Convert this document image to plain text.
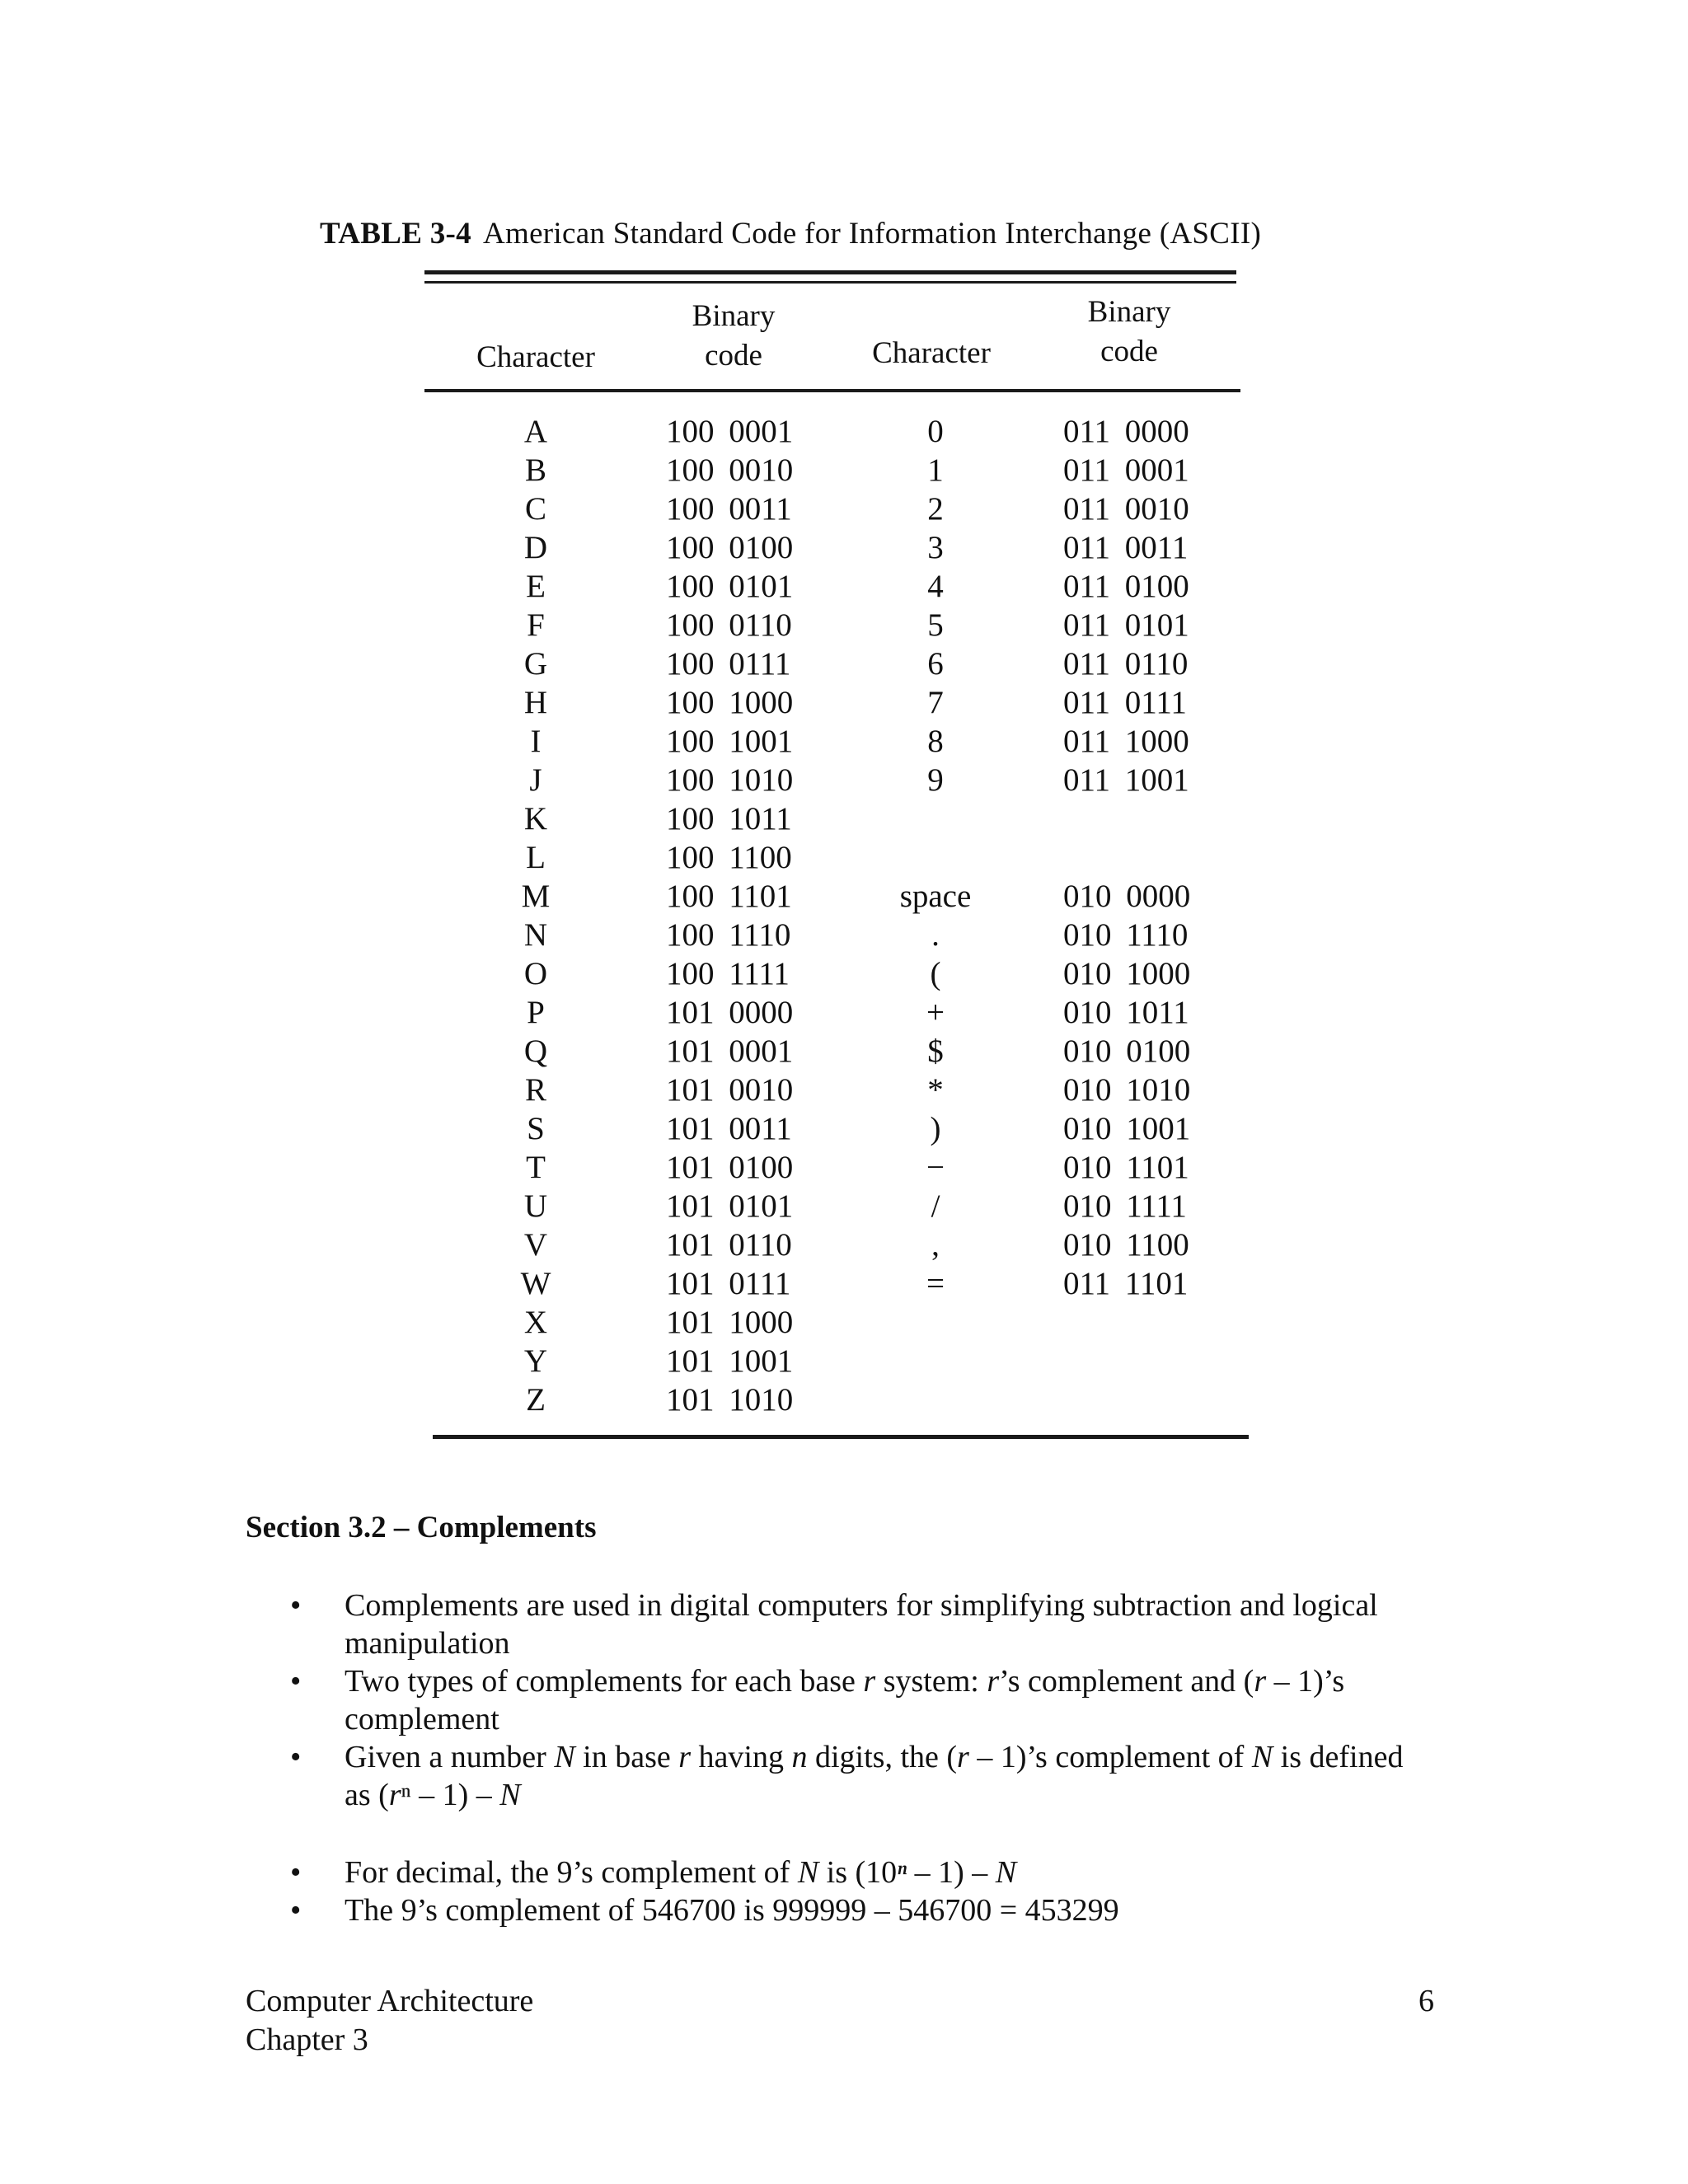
TABLE 3-4 American Standard Code for Information Interchange (ASCII)
Character
Binary
code	Character
Binary
code
A
B
C
D
E
F
G
H
I
J
K
L
M
N
O
P
Q
R
S
T
U
V
W
X
Y
Z
100 0001
100 0010
100 0011
100 0100
100 0101
100 0110
100 0111
100 1000
100 1001
100 1010
100 1011
100 1100
100 1101
100 1110
100 1111
101 0000
101 0001
101 0010
101 0011
101 0100
101 0101
101 0110
101 0111
101 1000
101 1001
101 1010
0
1
2
3
4
5
6
7
8
9
space
.
(
+
$
*
)
−
/
,
=
011 0000
011 0001
011 0010
011 0011
011 0100
011 0101
011 0110
011 0111
011 1000
011 1001
010 0000
010 1110
010 1000
010 1011
010 0100
010 1010
010 1001
010 1101
010 1111
010 1100
011 1101
Section 3.2 – Complements
• Complements are used in digital computers for simplifying subtraction and logical manipulation
• Two types of complements for each base r system: r’s complement and (r – 1)’s complement
• Given a number N in base r having n digits, the (r – 1)’s complement of N is defined as (rⁿ – 1) – N
• For decimal, the 9’s complement of N is (10ⁿ – 1) – N
• The 9’s complement of 546700 is 999999 – 546700 = 453299
Computer Architecture
Chapter 3
6
